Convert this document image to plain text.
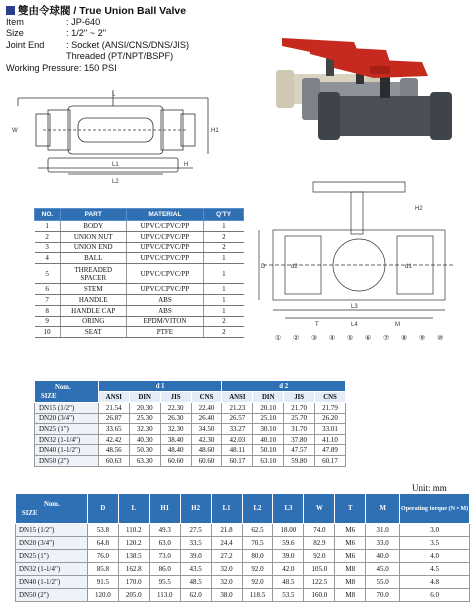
雙由令球閥 / True Union Ball Valve
Item	: JP-640
Size	: 1/2" ~ 2"
Joint End	: Socket (ANSI/CNS/DNS/JIS)
Threaded (PT/NPT/BSPF)
Working Pressure: 150 PSI
L
L1
L2
H1
H
W
H2
D	d2	d1
L3
L4
T	M
① ② ③ ④ ⑤ ⑥ ⑦ ⑧ ⑨ ⑩
NO.	PART	MATERIAL	Q'TY
1	BODY	UPVC/CPVC/PP	1
2	UNION NUT	UPVC/CPVC/PP	2
3	UNION END	UPVC/CPVC/PP	2
4	BALL	UPVC/CPVC/PP	1
5	THREADED SPACER	UPVC/CPVC/PP	1
6	STEM	UPVC/CPVC/PP	1
7	HANDLE	ABS	1
8	HANDLE CAP	ABS	1
9	ORING	EPDM/VITON	2
10	SEAT	PTFE	2
Nom.
SIZE	d 1				d 2			
	ANSI	DIN	JIS	CNS	ANSI	DIN	JIS	CNS
DN15 (1/2")	21.54	20.30	22.30	22.40	21.23	20.10	21.70	21.79
DN20 (3/4")	26.87	25.30	26.30	26.40	26.57	25.10	25.70	26.20
DN25 (1")	33.65	32.30	32.30	34.50	33.27	30.10	31.70	33.01
DN32 (1-1/4")	42.42	40.30	38.40	42.30	42.03	40.10	37.80	41.10
DN40 (1-1/2")	48.56	50.30	48.40	48.60	48.11	50.10	47.57	47.89
DN50 (2")	60.63	63.30	60.60	60.60	60.17	63.10	59.80	60.17
Unit: mm
Nom.
SIZE	D	L	H1	H2	L1	L2	L3	W	T	M	Operating torque (N • M)
DN15 (1/2")	53.8	110.2	49.3	27.5	21.8	62.5	18.00	74.0	M6	31.0	3.0
DN20 (3/4")	64.8	120.2	63.0	33.5	24.4	70.5	59.6	82.9	M6	33.0	3.5
DN25 (1")	76.0	138.5	73.0	39.0	27.2	80.0	39.0	92.0	M6	40.0	4.0
DN32 (1-1/4")	85.8	162.8	86.0	43.5	32.0	92.0	42.0	105.0	M8	45.0	4.5
DN40 (1-1/2")	91.5	170.0	95.5	48.5	32.0	92.0	48.5	122.5	M8	55.0	4.8
DN50 (2")	120.0	205.0	113.0	62.0	38.0	118.5	53.5	160.0	M8	70.0	6.0
